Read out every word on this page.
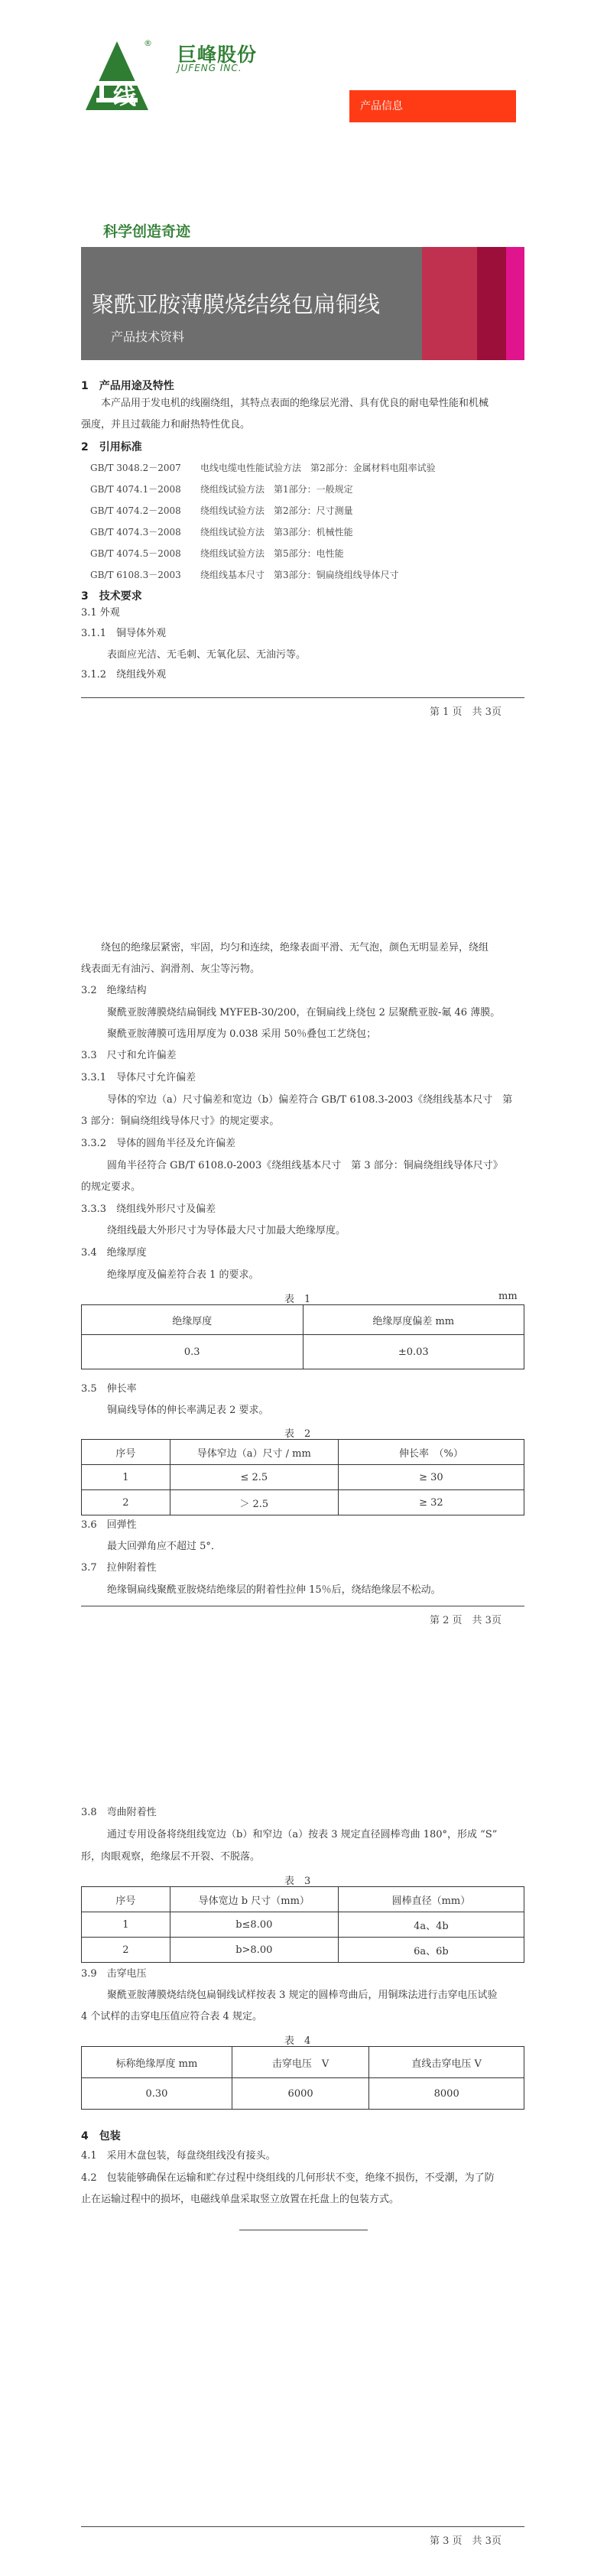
线
®
巨峰股份
JUFENG INC.
产品信息
科学创造奇迹
聚酰亚胺薄膜烧结绕包扁铜线
产品技术资料
1　产品用途及特性
本产品用于发电机的线圈绕组，其特点表面的绝缘层光滑、具有优良的耐电晕性能和机械
强度，并且过载能力和耐热特性优良。
2　引用标准
GB/T 3048.2－2007 电线电缆电性能试验方法　第2部分：金属材料电阻率试验
GB/T 4074.1－2008 绕组线试验方法　第1部分：一般规定
GB/T 4074.2－2008 绕组线试验方法　第2部分：尺寸测量
GB/T 4074.3－2008 绕组线试验方法　第3部分：机械性能
GB/T 4074.5－2008 绕组线试验方法　第5部分：电性能
GB/T 6108.3－2003 绕组线基本尺寸　第3部分：铜扁绕组线导体尺寸
3　技术要求
3.1 外观
3.1.1　铜导体外观
表面应光洁、无毛刺、无氧化层、无油污等。
3.1.2　绕组线外观
第 1 页　共 3页
绕包的绝缘层紧密，牢固，均匀和连续，绝缘表面平滑、无气泡，颜色无明显差异，绕组
线表面无有油污、润滑剂、灰尘等污物。
3.2　绝缘结构
聚酰亚胺薄膜烧结扁铜线 MYFEB-30/200，在铜扁线上绕包 2 层聚酰亚胺-氟 46 薄膜。
聚酰亚胺薄膜可选用厚度为 0.038 采用 50％叠包工艺绕包；
3.3　尺寸和允许偏差
3.3.1　导体尺寸允许偏差
导体的窄边（a）尺寸偏差和宽边（b）偏差符合 GB/T 6108.3-2003《绕组线基本尺寸　第
3 部分：铜扁绕组线导体尺寸》的规定要求。
3.3.2　导体的圆角半径及允许偏差
圆角半径符合 GB/T 6108.0-2003《绕组线基本尺寸　第 3 部分：铜扁绕组线导体尺寸》
的规定要求。
3.3.3　绕组线外形尺寸及偏差
绕组线最大外形尺寸为导体最大尺寸加最大绝缘厚度。
3.4　绝缘厚度
绝缘厚度及偏差符合表 1 的要求。
表　1	mm
绝缘厚度	绝缘厚度偏差 mm
0.3	±0.03
3.5　伸长率
铜扁线导体的伸长率满足表 2 要求。
表　2
序号	导体窄边（a）尺寸 / mm	伸长率　（%）
1	≤ 2.5	≥ 30
2	＞ 2.5	≥ 32
3.6　回弹性
最大回弹角应不超过 5°．
3.7　拉伸附着性
绝缘铜扁线聚酰亚胺烧结绝缘层的附着性拉伸 15％后，绕结绝缘层不松动。
第 2 页　共 3页
3.8　弯曲附着性
通过专用设备将绕组线宽边（b）和窄边（a）按表 3 规定直径圆棒弯曲 180°，形成 “S”
形，肉眼观察，绝缘层不开裂、不脱落。
表　3
序号	导体宽边 b 尺寸（mm）	圆棒直径（mm）
1	b≤8.00	4a、4b
2	b>8.00	6a、6b
3.9　击穿电压
聚酰亚胺薄膜烧结绕包扁铜线试样按表 3 规定的圆棒弯曲后，用铜珠法进行击穿电压试验
4 个试样的击穿电压值应符合表 4 规定。
表　4
标称绝缘厚度 mm	击穿电压　V	直线击穿电压 V
0.30	6000	8000
4　包装
4.1　采用木盘包装，每盘绕组线没有接头。
4.2　包装能够确保在运输和贮存过程中绕组线的几何形状不变，绝缘不损伤，不受潮，为了防
止在运输过程中的损坏，电磁线单盘采取竖立放置在托盘上的包装方式。
第 3 页　共 3页
